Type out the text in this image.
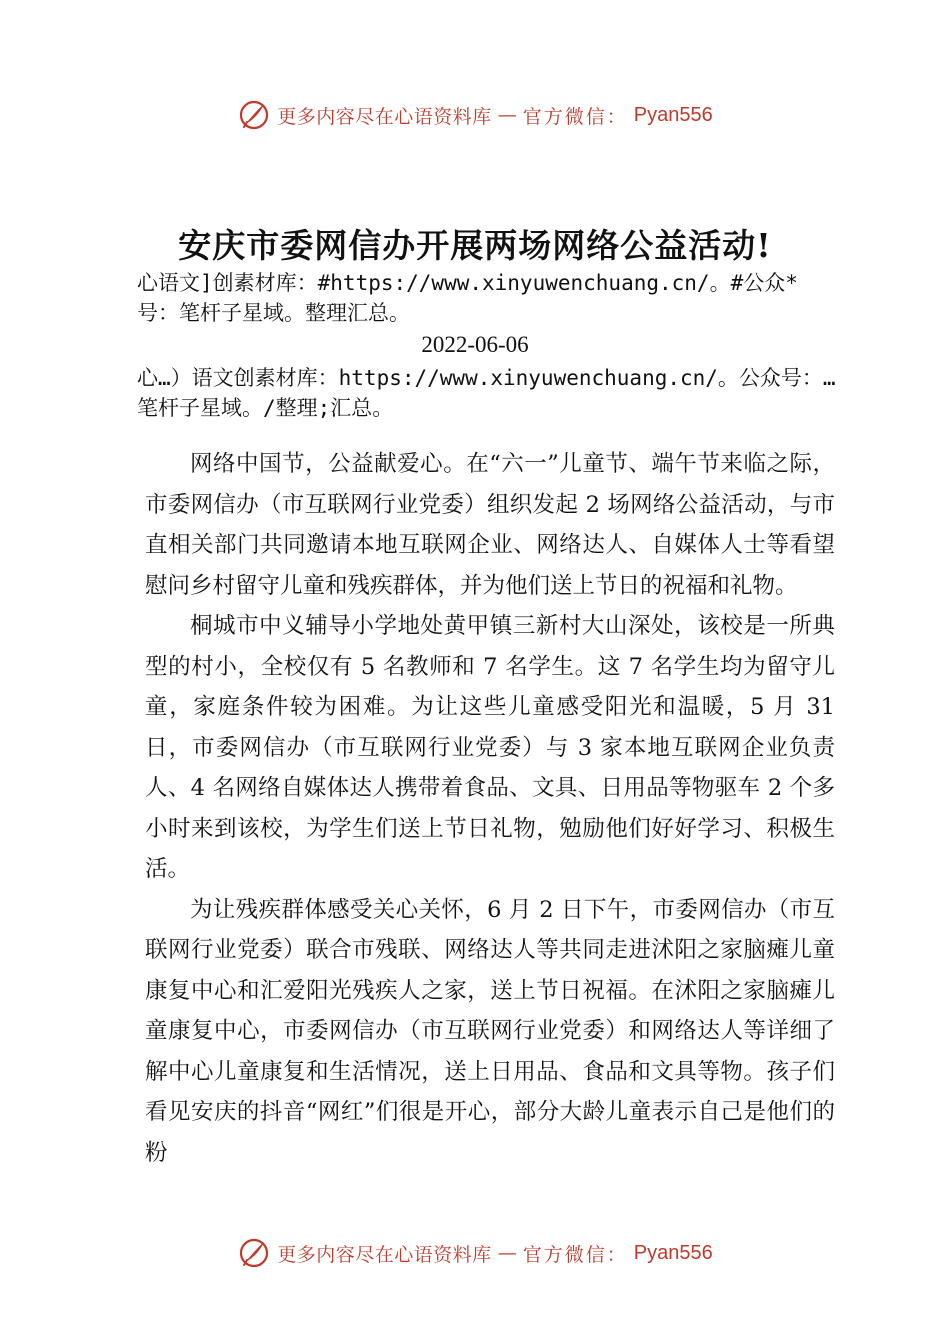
更多内容尽在心语资料库 — 官方微信： Pyan556
安庆市委网信办开展两场网络公益活动!
心语文]创素材库：#https://www.xinyuwenchuang.cn/。#公众*号：笔杆子星域。整理汇总。
2022-06-06
心…）语文创素材库：https://www.xinyuwenchuang.cn/。公众号：…笔杆子星域。/整理;汇总。

网络中国节，公益献爱心。在“六一”儿童节、端午节来临之际，市委网信办（市互联网行业党委）组织发起 2 场网络公益活动，与市直相关部门共同邀请本地互联网企业、网络达人、自媒体人士等看望慰问乡村留守儿童和残疾群体，并为他们送上节日的祝福和礼物。

桐城市中义辅导小学地处黄甲镇三新村大山深处，该校是一所典型的村小，全校仅有 5 名教师和 7 名学生。这 7 名学生均为留守儿童，家庭条件较为困难。为让这些儿童感受阳光和温暖，5 月 31 日，市委网信办（市互联网行业党委）与 3 家本地互联网企业负责人、4 名网络自媒体达人携带着食品、文具、日用品等物驱车 2 个多小时来到该校，为学生们送上节日礼物，勉励他们好好学习、积极生活。

为让残疾群体感受关心关怀，6 月 2 日下午，市委网信办（市互联网行业党委）联合市残联、网络达人等共同走进沭阳之家脑瘫儿童康复中心和汇爱阳光残疾人之家，送上节日祝福。在沭阳之家脑瘫儿童康复中心，市委网信办（市互联网行业党委）和网络达人等详细了解中心儿童康复和生活情况，送上日用品、食品和文具等物。孩子们看见安庆的抖音“网红”们很是开心，部分大龄儿童表示自己是他们的粉

更多内容尽在心语资料库 — 官方微信： Pyan556
